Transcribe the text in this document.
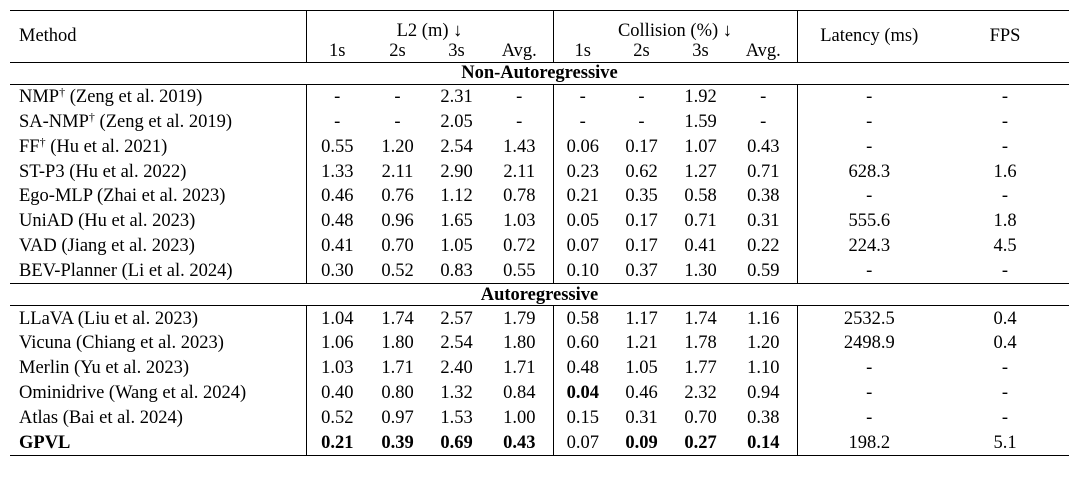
Method	L2 (m) ↓				Collision (%) ↓				Latency (ms)	FPS
	1s	2s	3s	Avg.	1s	2s	3s	Avg.		
Non-Autoregressive										
NMP† (Zeng et al. 2019)	-	-	2.31	-	-	-	1.92	-	-	-
SA-NMP† (Zeng et al. 2019)	-	-	2.05	-	-	-	1.59	-	-	-
FF† (Hu et al. 2021)	0.55	1.20	2.54	1.43	0.06	0.17	1.07	0.43	-	-
ST-P3 (Hu et al. 2022)	1.33	2.11	2.90	2.11	0.23	0.62	1.27	0.71	628.3	1.6
Ego-MLP (Zhai et al. 2023)	0.46	0.76	1.12	0.78	0.21	0.35	0.58	0.38	-	-
UniAD (Hu et al. 2023)	0.48	0.96	1.65	1.03	0.05	0.17	0.71	0.31	555.6	1.8
VAD (Jiang et al. 2023)	0.41	0.70	1.05	0.72	0.07	0.17	0.41	0.22	224.3	4.5
BEV-Planner (Li et al. 2024)	0.30	0.52	0.83	0.55	0.10	0.37	1.30	0.59	-	-
Autoregressive										
LLaVA (Liu et al. 2023)	1.04	1.74	2.57	1.79	0.58	1.17	1.74	1.16	2532.5	0.4
Vicuna (Chiang et al. 2023)	1.06	1.80	2.54	1.80	0.60	1.21	1.78	1.20	2498.9	0.4
Merlin (Yu et al. 2023)	1.03	1.71	2.40	1.71	0.48	1.05	1.77	1.10	-	-
Ominidrive (Wang et al. 2024)	0.40	0.80	1.32	0.84	0.04	0.46	2.32	0.94	-	-
Atlas (Bai et al. 2024)	0.52	0.97	1.53	1.00	0.15	0.31	0.70	0.38	-	-
GPVL	0.21	0.39	0.69	0.43	0.07	0.09	0.27	0.14	198.2	5.1
